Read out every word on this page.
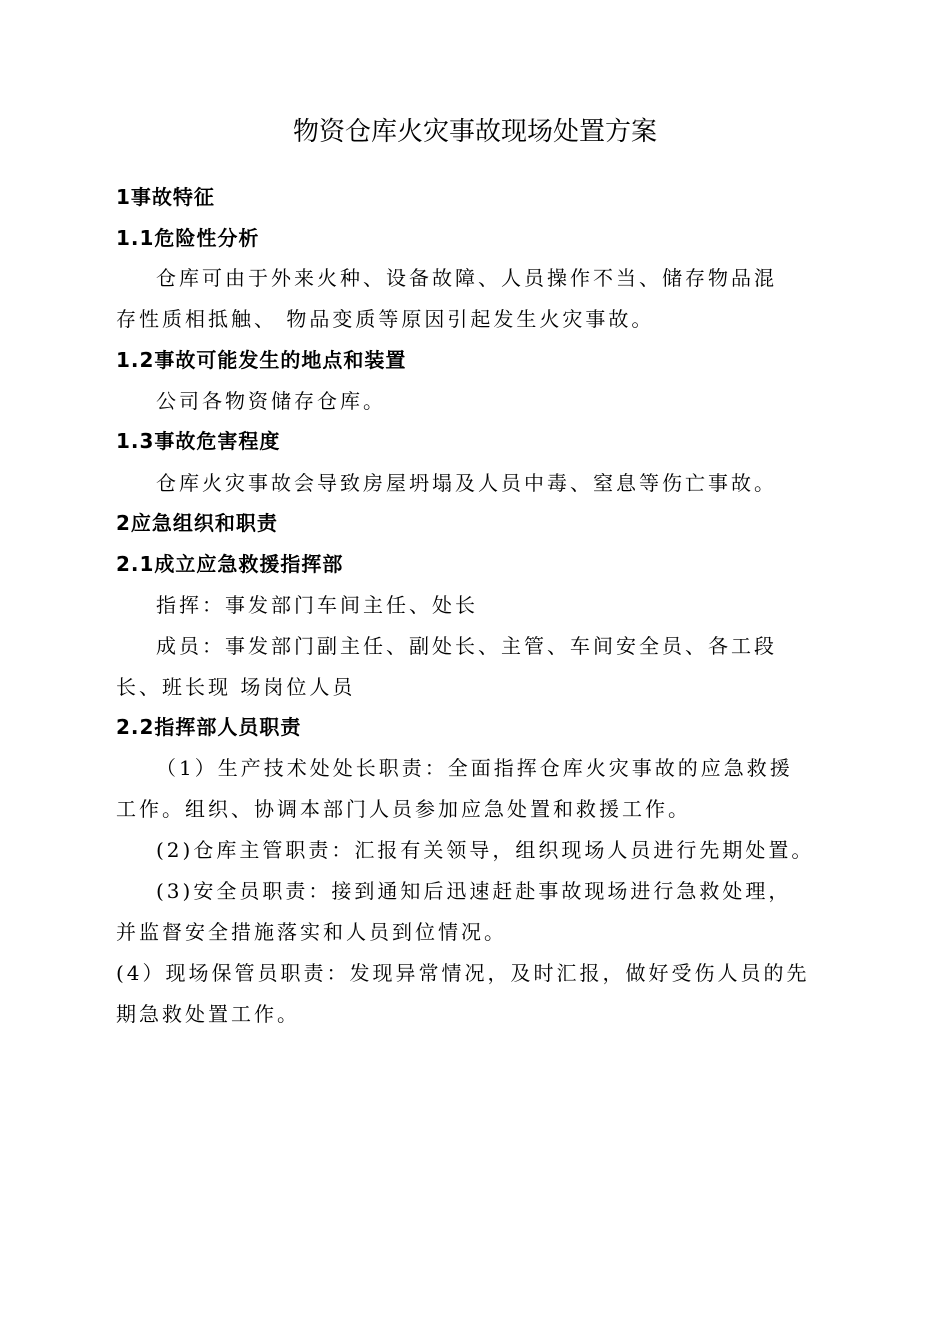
物资仓库火灾事故现场处置方案
1事故特征
1.1危险性分析
仓库可由于外来火种、设备故障、人员操作不当、储存物品混
存性质相抵触、 物品变质等原因引起发生火灾事故。
1.2事故可能发生的地点和装置
公司各物资储存仓库。
1.3事故危害程度
仓库火灾事故会导致房屋坍塌及人员中毒、窒息等伤亡事故。
2应急组织和职责
2.1成立应急救援指挥部
指挥：事发部门车间主任、处长
成员：事发部门副主任、副处长、主管、车间安全员、各工段
长、班长现 场岗位人员
2.2指挥部人员职责
（1）生产技术处处长职责：全面指挥仓库火灾事故的应急救援
工作。组织、协调本部门人员参加应急处置和救援工作。
(2)仓库主管职责：汇报有关领导，组织现场人员进行先期处置。
(3)安全员职责：接到通知后迅速赶赴事故现场进行急救处理，
并监督安全措施落实和人员到位情况。
(4）现场保管员职责：发现异常情况，及时汇报，做好受伤人员的先
期急救处置工作。
